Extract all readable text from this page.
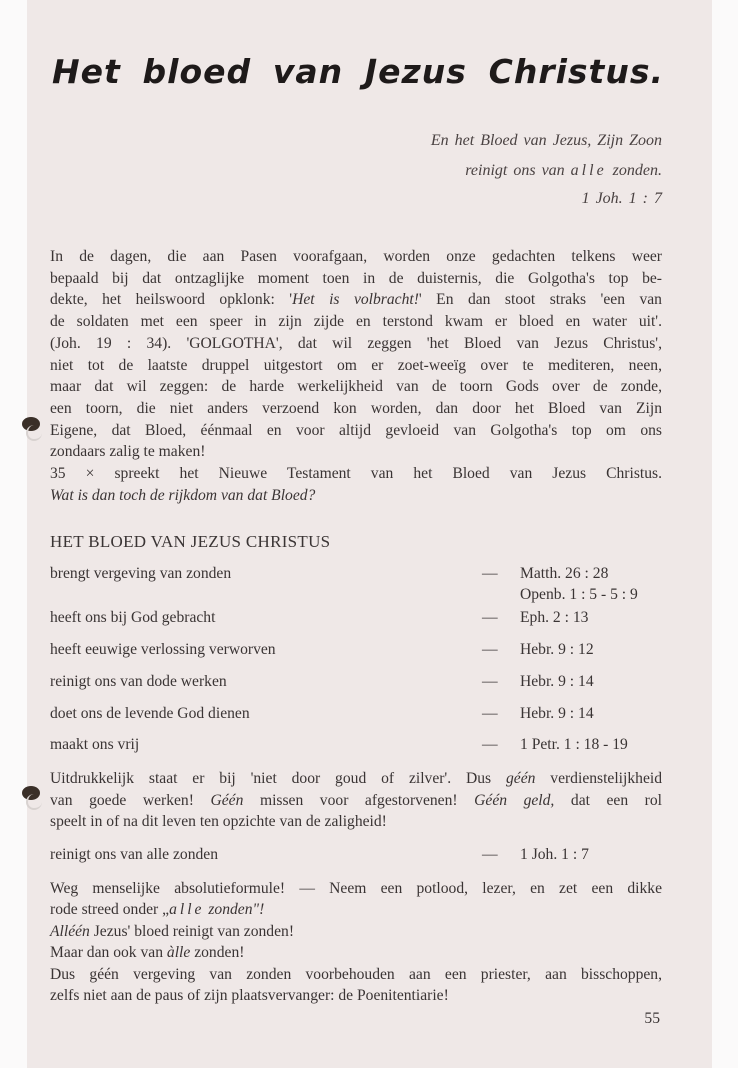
Het bloed van Jezus Christus.
En het Bloed van Jezus, Zijn Zoon
reinigt ons van alle zonden.
1 Joh. 1 : 7
In de dagen, die aan Pasen voorafgaan, worden onze gedachten telkens weer
bepaald bij dat ontzaglijke moment toen in de duisternis, die Golgotha's top be-
dekte, het heilswoord opklonk: 'Het is volbracht!' En dan stoot straks 'een van
de soldaten met een speer in zijn zijde en terstond kwam er bloed en water uit'.
(Joh. 19 : 34). 'GOLGOTHA', dat wil zeggen 'het Bloed van Jezus Christus',
niet tot de laatste druppel uitgestort om er zoet-weeïg over te mediteren, neen,
maar dat wil zeggen: de harde werkelijkheid van de toorn Gods over de zonde,
een toorn, die niet anders verzoend kon worden, dan door het Bloed van Zijn
Eigene, dat Bloed, éénmaal en voor altijd gevloeid van Golgotha's top om ons
zondaars zalig te maken!
35 × spreekt het Nieuwe Testament van het Bloed van Jezus Christus.
Wat is dan toch de rijkdom van dat Bloed?
HET BLOED VAN JEZUS CHRISTUS
brengt vergeving van zonden	— Matth. 26 : 28
Openb. 1 : 5 - 5 : 9
heeft ons bij God gebracht	— Eph. 2 : 13
heeft eeuwige verlossing verworven	— Hebr. 9 : 12
reinigt ons van dode werken	— Hebr. 9 : 14
doet ons de levende God dienen	— Hebr. 9 : 14
maakt ons vrij	— 1 Petr. 1 : 18 - 19
Uitdrukkelijk staat er bij 'niet door goud of zilver'. Dus géén verdienstelijkheid
van goede werken! Géén missen voor afgestorvenen! Géén geld, dat een rol
speelt in of na dit leven ten opzichte van de zaligheid!
reinigt ons van alle zonden	— 1 Joh. 1 : 7
Weg menselijke absolutieformule! — Neem een potlood, lezer, en zet een dikke
rode streed onder „alle zonden"!
Alléén Jezus' bloed reinigt van zonden!
Maar dan ook van àlle zonden!
Dus géén vergeving van zonden voorbehouden aan een priester, aan bisschoppen,
zelfs niet aan de paus of zijn plaatsvervanger: de Poenitentiarie!
55
